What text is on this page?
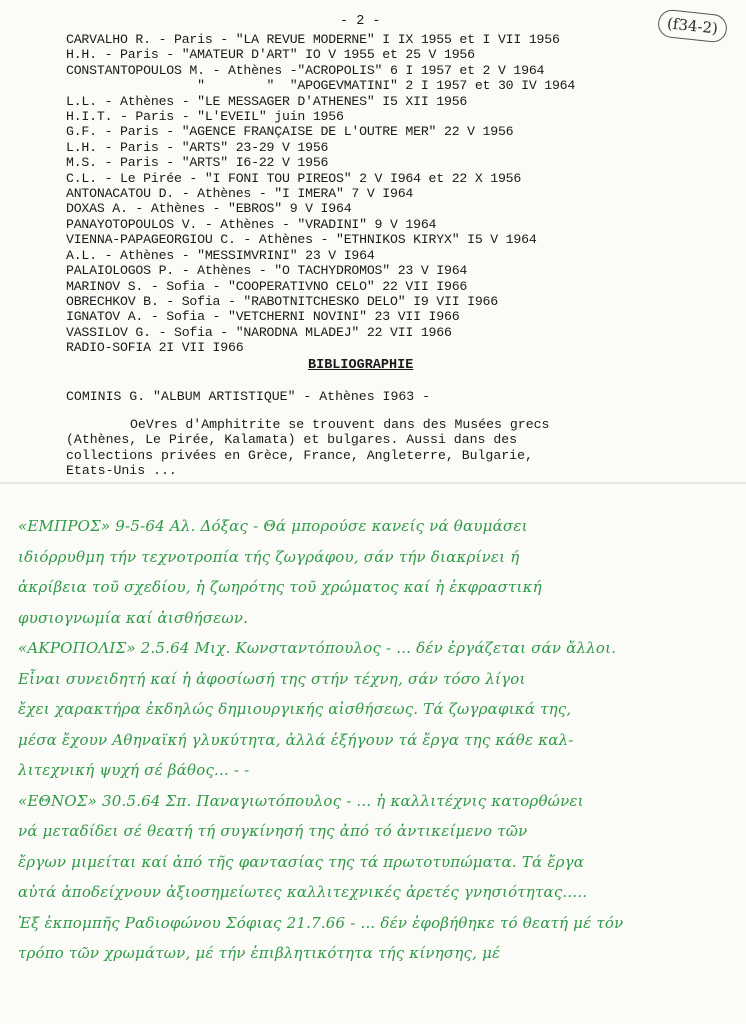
- 2 -	(f34-2)
CARVALHO R. - Paris - "LA REVUE MODERNE" I IX 1955 et I VII 1956
H.H. - Paris - "AMATEUR D'ART" IO V 1955 et 25 V 1956
CONSTANTOPOULOS M. - Athènes -"ACROPOLIS" 6 I 1957 et 2 V 1964
"        "  "APOGEVMATINI" 2 I 1957 et 30 IV 1964
L.L. - Athènes - "LE MESSAGER D'ATHENES" I5 XII 1956
H.I.T. - Paris - "L'EVEIL" juin 1956
G.F. - Paris - "AGENCE FRANÇAISE DE L'OUTRE MER" 22 V 1956
L.H. - Paris - "ARTS" 23-29 V 1956
M.S. - Paris - "ARTS" I6-22 V 1956
C.L. - Le Pirée - "I FONI TOU PIREOS" 2 V I964 et 22 X 1956
ANTONACATOU D. - Athènes - "I IMERA" 7 V I964
DOXAS A. - Athènes - "EBROS" 9 V I964
PANAYOTOPOULOS V. - Athènes - "VRADINI" 9 V 1964
VIENNA-PAPAGEORGIOU C. - Athènes - "ETHNIKOS KIRYX" I5 V 1964
A.L. - Athènes - "MESSIMVRINI" 23 V I964
PALAIOLOGOS P. - Athènes - "O TACHYDROMOS" 23 V I964
MARINOV S. - Sofia - "COOPERATIVNO CELO" 22 VII I966
OBRECHKOV B. - Sofia - "RABOTNITCHESKO DELO" I9 VII I966
IGNATOV A. - Sofia - "VETCHERNI NOVINI" 23 VII I966
VASSILOV G. - Sofia - "NARODNA MLADEJ" 22 VII 1966
RADIO-SOFIA 2I VII I966
BIBLIOGRAPHIE
COMINIS G. "ALBUM ARTISTIQUE" - Athènes I963 -
OeVres d'Amphitrite se trouvent dans des Musées grecs
(Athènes, Le Pirée, Kalamata) et bulgares. Aussi dans des
collections privées en Grèce, France, Angleterre, Bulgarie,
Etats-Unis ...
«ΕΜΠΡΟΣ» 9-5-64 Αλ. Δόξας - Θά μπορούσε κανείς νά θαυμάσει
ιδιόρρυθμη τήν τεχνοτροπία τής ζωγράφου, σάν τήν διακρίνει ή
ἀκρίβεια τοῦ σχεδίου, ἡ ζωηρότης τοῦ χρώματος καί ἡ ἐκφραστική
φυσιογνωμία καί ἀισθήσεων.
«ΑΚΡΟΠΟΛΙΣ» 2.5.64 Μιχ. Κωνσταντόπουλος - ... δέν ἐργάζεται σάν ἄλλοι.
Εἶναι συνειδητή καί ἡ ἀφοσίωσή της στήν τέχνη, σάν τόσο λίγοι
ἔχει χαρακτήρα ἐκδηλώς δημιουργικής αἰσθήσεως. Τά ζωγραφικά της,
μέσα ἔχουν Αθηναϊκή γλυκύτητα, ἀλλά ἐξήγουν τά ἔργα της κάθε καλ-
λιτεχνική ψυχή σέ βάθος... - -
«ΕΘΝΟΣ» 30.5.64 Σπ. Παναγιωτόπουλος - ... ἡ καλλιτέχνις κατορθώνει
νά μεταδίδει σέ θεατή τή συγκίνησή της ἀπό τό ἀντικείμενο τῶν
ἔργων μιμείται καί ἀπό τῆς φαντασίας της τά πρωτοτυπώματα. Τά ἔργα
αὐτά ἀποδείχνουν ἀξιοσημείωτες καλλιτεχνικές ἀρετές γνησιότητας.....
Ἐξ ἐκπομπῆς Ραδιοφώνου Σόφιας 21.7.66 - ... δέν ἐφοβήθηκε τό θεατή μέ τόν
τρόπο τῶν χρωμάτων, μέ τήν ἐπιβλητικότητα τής κίνησης, μέ
